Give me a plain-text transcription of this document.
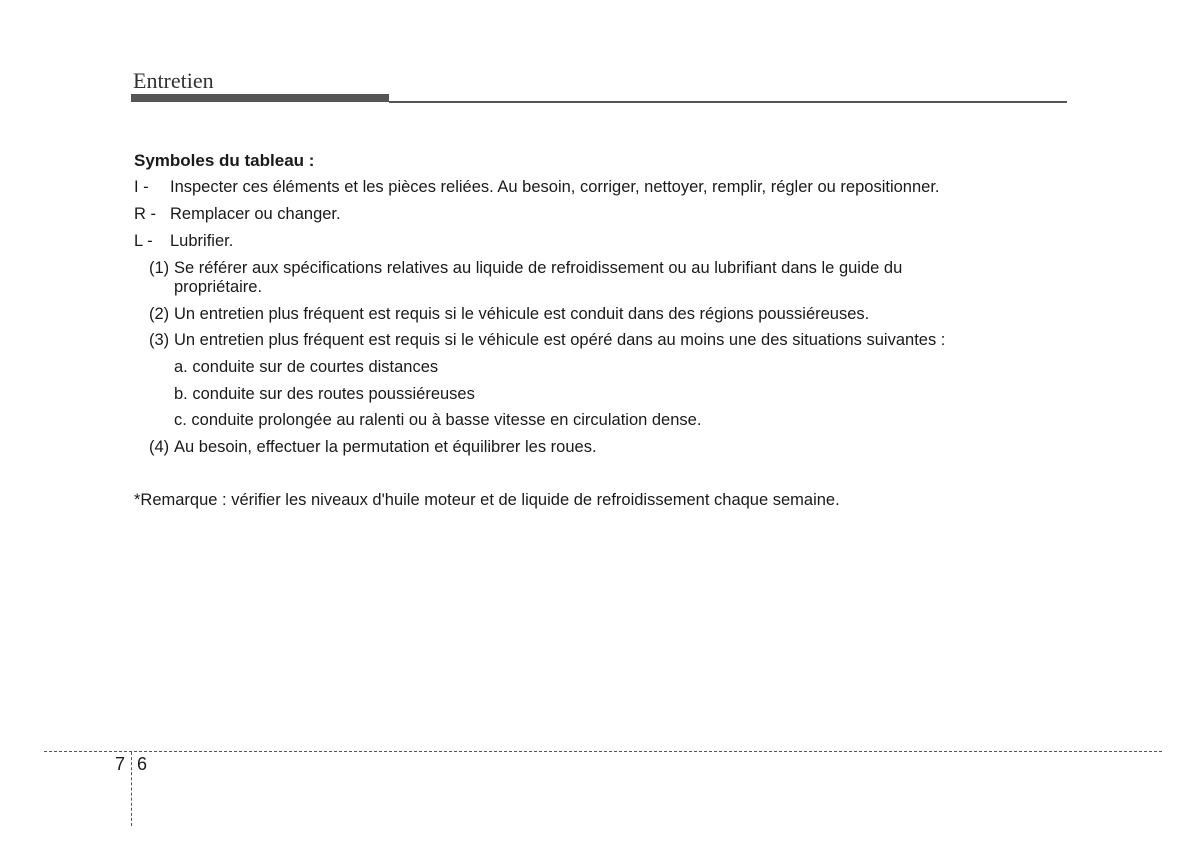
Entretien
Symboles du tableau :
I - Inspecter ces éléments et les pièces reliées. Au besoin, corriger, nettoyer, remplir, régler ou repositionner.
R - Remplacer ou changer.
L - Lubrifier.
(1) Se référer aux spécifications relatives au liquide de refroidissement ou au lubrifiant dans le guide du propriétaire.
(2) Un entretien plus fréquent est requis si le véhicule est conduit dans des régions poussiéreuses.
(3) Un entretien plus fréquent est requis si le véhicule est opéré dans au moins une des situations suivantes :
a. conduite sur de courtes distances
b. conduite sur des routes poussiéreuses
c. conduite prolongée au ralenti ou à basse vitesse en circulation dense.
(4) Au besoin, effectuer la permutation et équilibrer les roues.
*Remarque : vérifier les niveaux d'huile moteur et de liquide de refroidissement chaque semaine.
7 6
